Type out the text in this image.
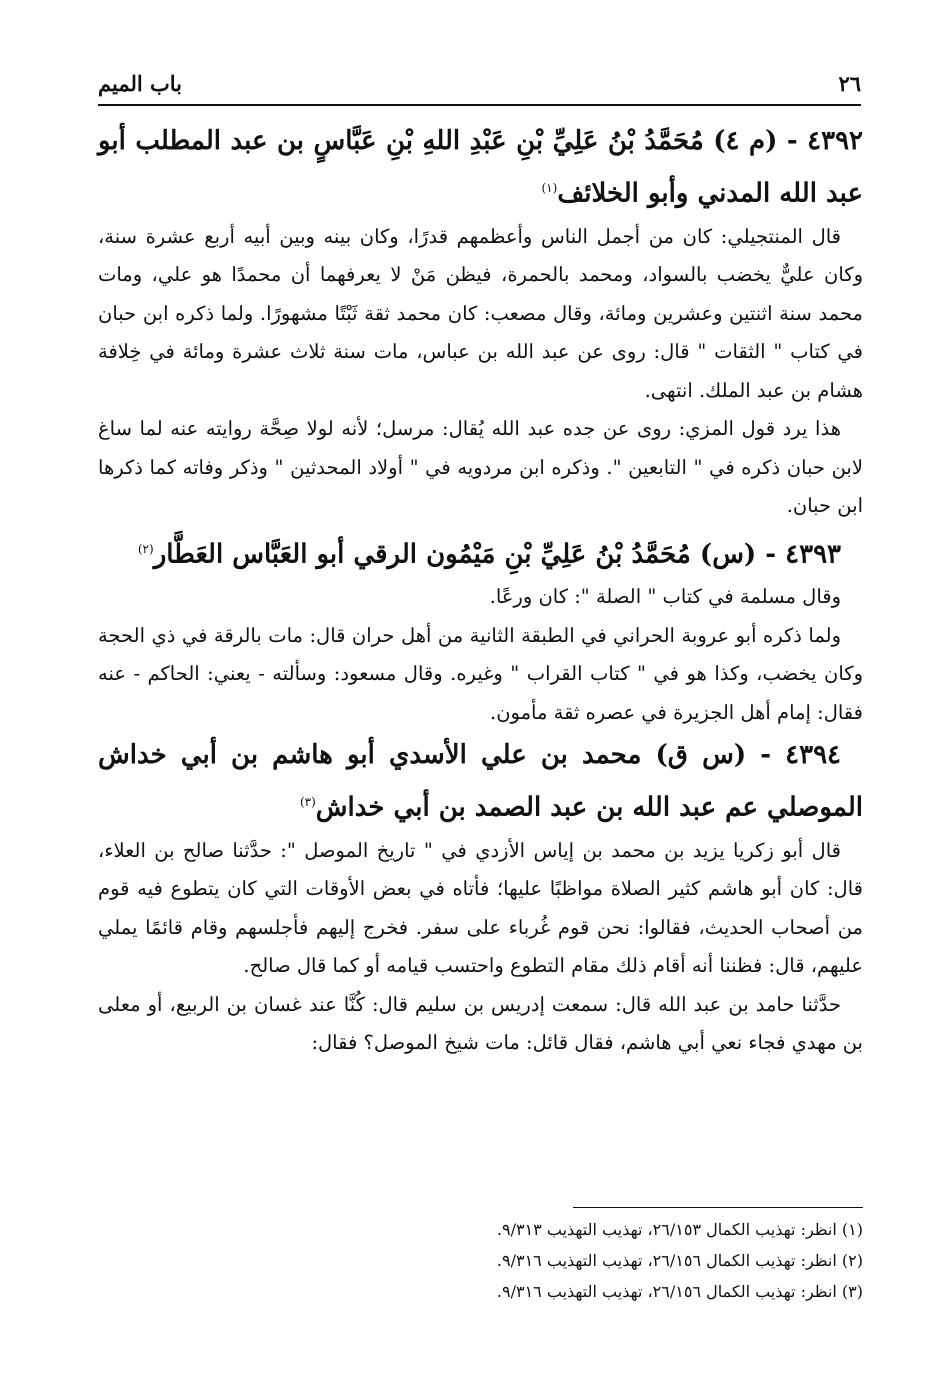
٢٦
باب الميم

٤٣٩٢ - (م ٤) مُحَمَّدُ بْنُ عَلِيِّ بْنِ عَبْدِ اللهِ بْنِ عَبَّاسٍ بن عبد المطلب أبو عبد الله المدني وأبو الخلائف$^{(١)}$

قال المنتجيلي: كان من أجمل الناس وأعظمهم قدرًا، وكان بينه وبين أبيه أربع عشرة سنة، وكان عليٌّ يخضب بالسواد، ومحمد بالحمرة، فيظن مَنْ لا يعرفهما أن محمدًا هو علي، ومات محمد سنة اثنتين وعشرين ومائة، وقال مصعب: كان محمد ثقة ثَبْتًا مشهورًا. ولما ذكره ابن حبان في كتاب " الثقات " قال: روى عن عبد الله بن عباس، مات سنة ثلاث عشرة ومائة في خِلافة هشام بن عبد الملك. انتهى.

هذا يرد قول المزي: روى عن جده عبد الله يُقال: مرسل؛ لأنه لولا صِحَّة روايته عنه لما ساغ لابن حبان ذكره في " التابعين ". وذكره ابن مردويه في " أولاد المحدثين " وذكر وفاته كما ذكرها ابن حبان.

٤٣٩٣ - (س) مُحَمَّدُ بْنُ عَلِيِّ بْنِ مَيْمُون الرقي أبو العَبَّاس العَطَّار$^{(٢)}$

وقال مسلمة في كتاب " الصلة ": كان ورعًا.

ولما ذكره أبو عروبة الحراني في الطبقة الثانية من أهل حران قال: مات بالرقة في ذي الحجة وكان يخضب، وكذا هو في " كتاب القراب " وغيره. وقال مسعود: وسألته - يعني: الحاكم - عنه فقال: إمام أهل الجزيرة في عصره ثقة مأمون.

٤٣٩٤ - (س ق) محمد بن علي الأسدي أبو هاشم بن أبي خداش الموصلي عم عبد الله بن عبد الصمد بن أبي خداش$^{(٣)}$

قال أبو زكريا يزيد بن محمد بن إياس الأزدي في " تاريخ الموصل ": حدَّثنا صالح بن العلاء، قال: كان أبو هاشم كثير الصلاة مواظبًا عليها؛ فأتاه في بعض الأوقات التي كان يتطوع فيه قوم من أصحاب الحديث، فقالوا: نحن قوم غُرباء على سفر. فخرج إليهم فأجلسهم وقام قائمًا يملي عليهم، قال: فظننا أنه أقام ذلك مقام التطوع واحتسب قيامه أو كما قال صالح.

حدَّثنا حامد بن عبد الله قال: سمعت إدريس بن سليم قال: كُنَّا عند غسان بن الربيع، أو معلى بن مهدي فجاء نعي أبي هاشم، فقال قائل: مات شيخ الموصل؟ فقال:

(١) انظر: تهذيب الكمال ٢٦/١٥٣، تهذيب التهذيب ٩/٣١٣.

(٢) انظر: تهذيب الكمال ٢٦/١٥٦، تهذيب التهذيب ٩/٣١٦.

(٣) انظر: تهذيب الكمال ٢٦/١٥٦، تهذيب التهذيب ٩/٣١٦.
